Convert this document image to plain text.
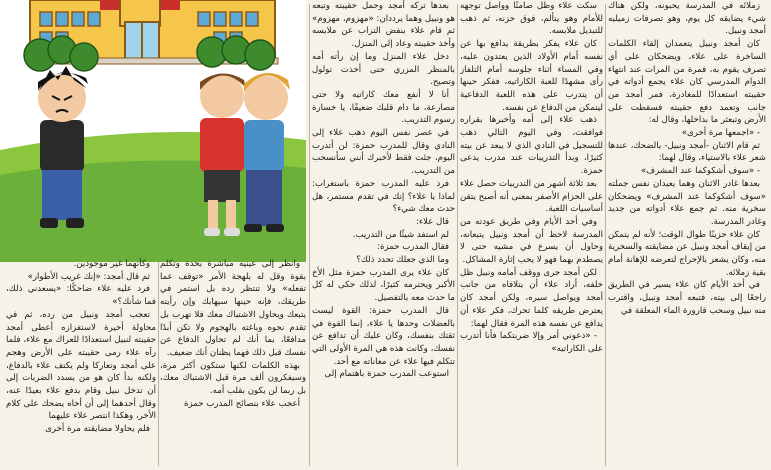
زملائه في المدرسة يحبونه، ولكن هناك شيء يضايقه كل يوم، وهو تصرفات زميليه أمجد ونبيل.

كان أمجد ونبيل يتعمدان إلقاء الكلمات الساخرة على علاء، ويضحكان على أي تصرف يقوم به، فمرة من المرات عند انتهاء الدوام المدرسي كان علاء يجمع أدواته في حقيبته استعدادًا للمغادرة، فمر أمجد من جانب وتعمد دفع حقيبته فسقطت على الأرض وتبعثر ما بداخلها، وقال له:

- «اجمعها مرة أخرى»

ثم قام الاثنان -أمجد ونبيل- بالضحك، عندها شعر علاء بالاستياء، وقال لهما:

- «سوف أشكوكما عند المشرف»

بعدها غادر الاثنان وهما يعيدان نفس جملته «سوف أشكوكما عند المشرف» ويضحكان سخرية منه. ثم جمع علاء أدواته من جديد وغادر المدرسة.

كان علاء حزينًا طوال الوقت؛ لأنه لم يتمكن من إيقاف أمجد ونبيل عن مضايقته والسخرية منه، وكان يشعر بالإحراج لتعرضه للإهانة أمام بقية زملائه.

في أحد الأيام كان علاء يسير في الطريق راجعًا إلى بيته، فتبعه أمجد ونبيل، واقترب منه نبيل وسحب قارورة الماء المعلقة في

سكت علاء وظل صامتًا وواصل توجهه للأمام وهو يتألم، فوق حزنه، ثم ذهب للتبديل ملابسه.

كان علاء يفكر بطريقة يدافع بها عن نفسه أمام الأولاد الذين يعتدون عليه، وفي المساء أثناء جلوسه أمام التلفاز رأى مشهدًا للعبة الكاراتيه، ففكر حينها أن يتدرب على هذه اللعبة الدفاعية ليتمكن من الدفاع عن نفسه.

ذهب علاء إلى أمه وأخبرها بقراره فوافقت، وفي اليوم التالي ذهب للتسجيل في النادي الذي لا يبعد عن بيته كثيرًا، وبدأ التدريبات عند مدرب يدعى حمزة.

بعد ثلاثة أشهر من التدريبات حصل علاء على الحزام الأصفر بمعنى أنه أصبح يتقن أساسيات اللعبة.

وفي أحد الأيام وفي طريق عودته من المدرسة لاحظ أن أمجد ونبيل يتبعانه، وحاول أن يسرع في مشيه حتى لا يصطدم بهما فهو لا يحب إثارة المشاكل.

لكن أمجد جرى ووقف أمامه ونبيل ظل خلفه، أراد علاء أن يتلافاه من جانب أمجد ويواصل سيره، ولكن أمجد كان يعترض طريقه كلما تحرك، فكر علاء أن يدافع عن نفسه هذه المرة فقال لهما:

- «دعوني أمر وإلا ضربتكما فأنا أتدرب على الكاراتيه»

بعدها تركه أمجد وحمل حقيبته وتبعه هو ونبيل وهما يرددان: «مهزوم، مهزوم» ثم قام علاء بنفض التراب عن ملابسه وأخذ حقيبته وعاد إلى المنزل.

دخل علاء المنزل وما إن رأته أمه بالمنظر المزري حتى أخذت تولول وتصيح.

أنا لا أنفع معك كاراتيه ولا حتى مصارعة، ما دام قلبك ضعيفًا، يا خسارة رسوم التدريب.

في عصر نفس اليوم ذهب علاء إلى النادي وقال للمدرب حمزة: لن أتدرب اليوم، جئت فقط لأخبرك أنني سأنسحب من التدريب.

فرد عليه المدرب حمزة باستغراب: لماذا يا علاء؟ إنك في تقدم مستمر، هل حدث معك شيء؟

قال علاء:

لم استفد شيئًا من التدريب.

فقال المدرب حمزة:

وما الذي جعلك تحدد ذلك؟

كان علاء يرى المدرب حمزة مثل الأخ الأكبر ويحترمه كثيرًا، لذلك حكى له كل ما حدث معه بالتفصيل.

قال المدرب حمزة: القوة ليست بالعضلات وحدها يا علاء، إنما القوة في ثقتك بنفسك، وكان عليك أن تدافع عن نفسك، وكانت هذه هي المرة الأولى التي تتكلم فيها علاء عن معاناته مع أحد.

استوعب المدرب حمزة باهتمام إلى

وانظر إلى عينيه مباشرة بحدة وتكلم بقوة وقل له بلهجة الأمر «توقف عما تفعله» ولا تنتظر رده بل استمر في طريقك، فإنه حينها سيهابك وإن رأيته يتبعك ويحاول الاشتباك معك فلا تهرب بل تقدم نحوه وباغته بالهجوم ولا تكن أبدًا مدافعًا، بما أنك لم تحاول الدفاع عن نفسك قبل ذلك فهما يظنان أنك ضعيف.

بهذه الكلمات لكنها ستكون أكثر مرة، وسيفكرون ألف مرة قبل الاشتباك معك، بل ربما لن يكون بقلب أمه.

أعجب علاء بنصائح المدرب حمزة

وكأنهما غير موجودين.

ثم قال أمجد: «إنك غريب الأطوار»

فرد عليه علاء ضاحكًا: «يسعدني ذلك، فما شأنك؟»

تعجب أمجد ونبيل من رده، ثم في محاولة أخيرة لاستفزازه أعطى أمجد حقيبته لنبيل استعدادًا للعراك مع علاء، فلما رآه علاء رمى حقيبته على الأرض وهجم على أمجد وتعاركا ولم يكتف علاء بالدفاع، ولكنه بدأ كان هو من يسدد الضربات إلى أن تدخل نبيل وقام بدفع علاء بعيدًا عنه، وقال أحدهما إلى أن أخاه يضحك على كلام الأخر، وهكذا انتصر علاء عليهما

فلم يحاولا مضايقته مرة أخرى
